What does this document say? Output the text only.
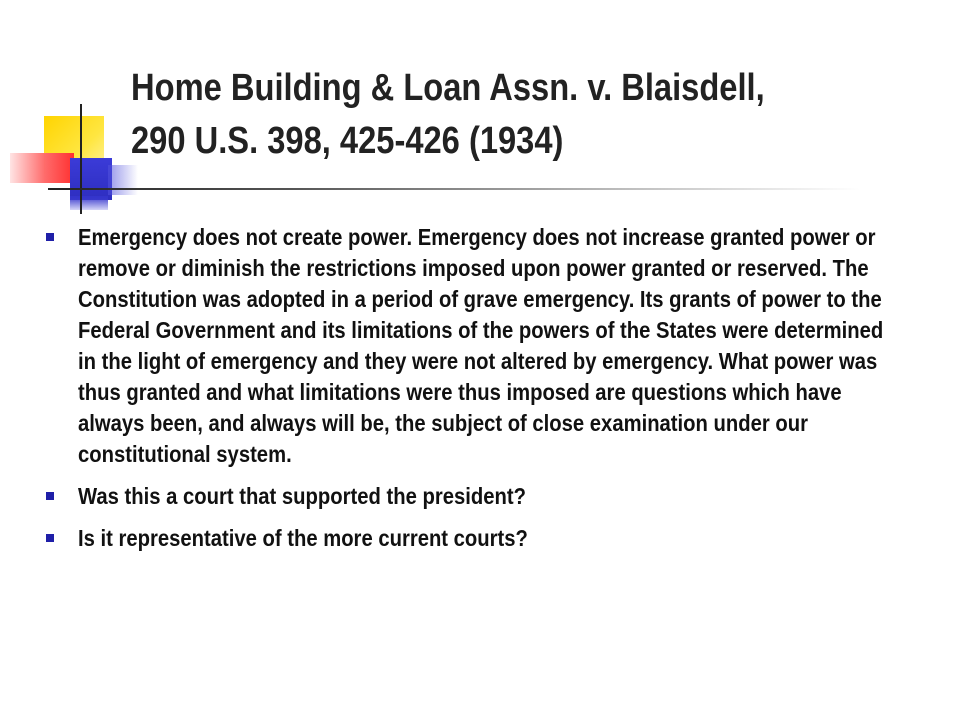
Home Building & Loan Assn. v. Blaisdell,
290 U.S. 398, 425-426 (1934)
Emergency does not create power. Emergency does not increase granted power or remove or diminish the restrictions imposed upon power granted or reserved. The Constitution was adopted in a period of grave emergency. Its grants of power to the Federal Government and its limitations of the powers of the States were determined in the light of emergency and they were not altered by emergency. What power was thus granted and what limitations were thus imposed are questions which have always been, and always will be, the subject of close examination under our constitutional system.
Was this a court that supported the president?
Is it representative of the more current courts?
